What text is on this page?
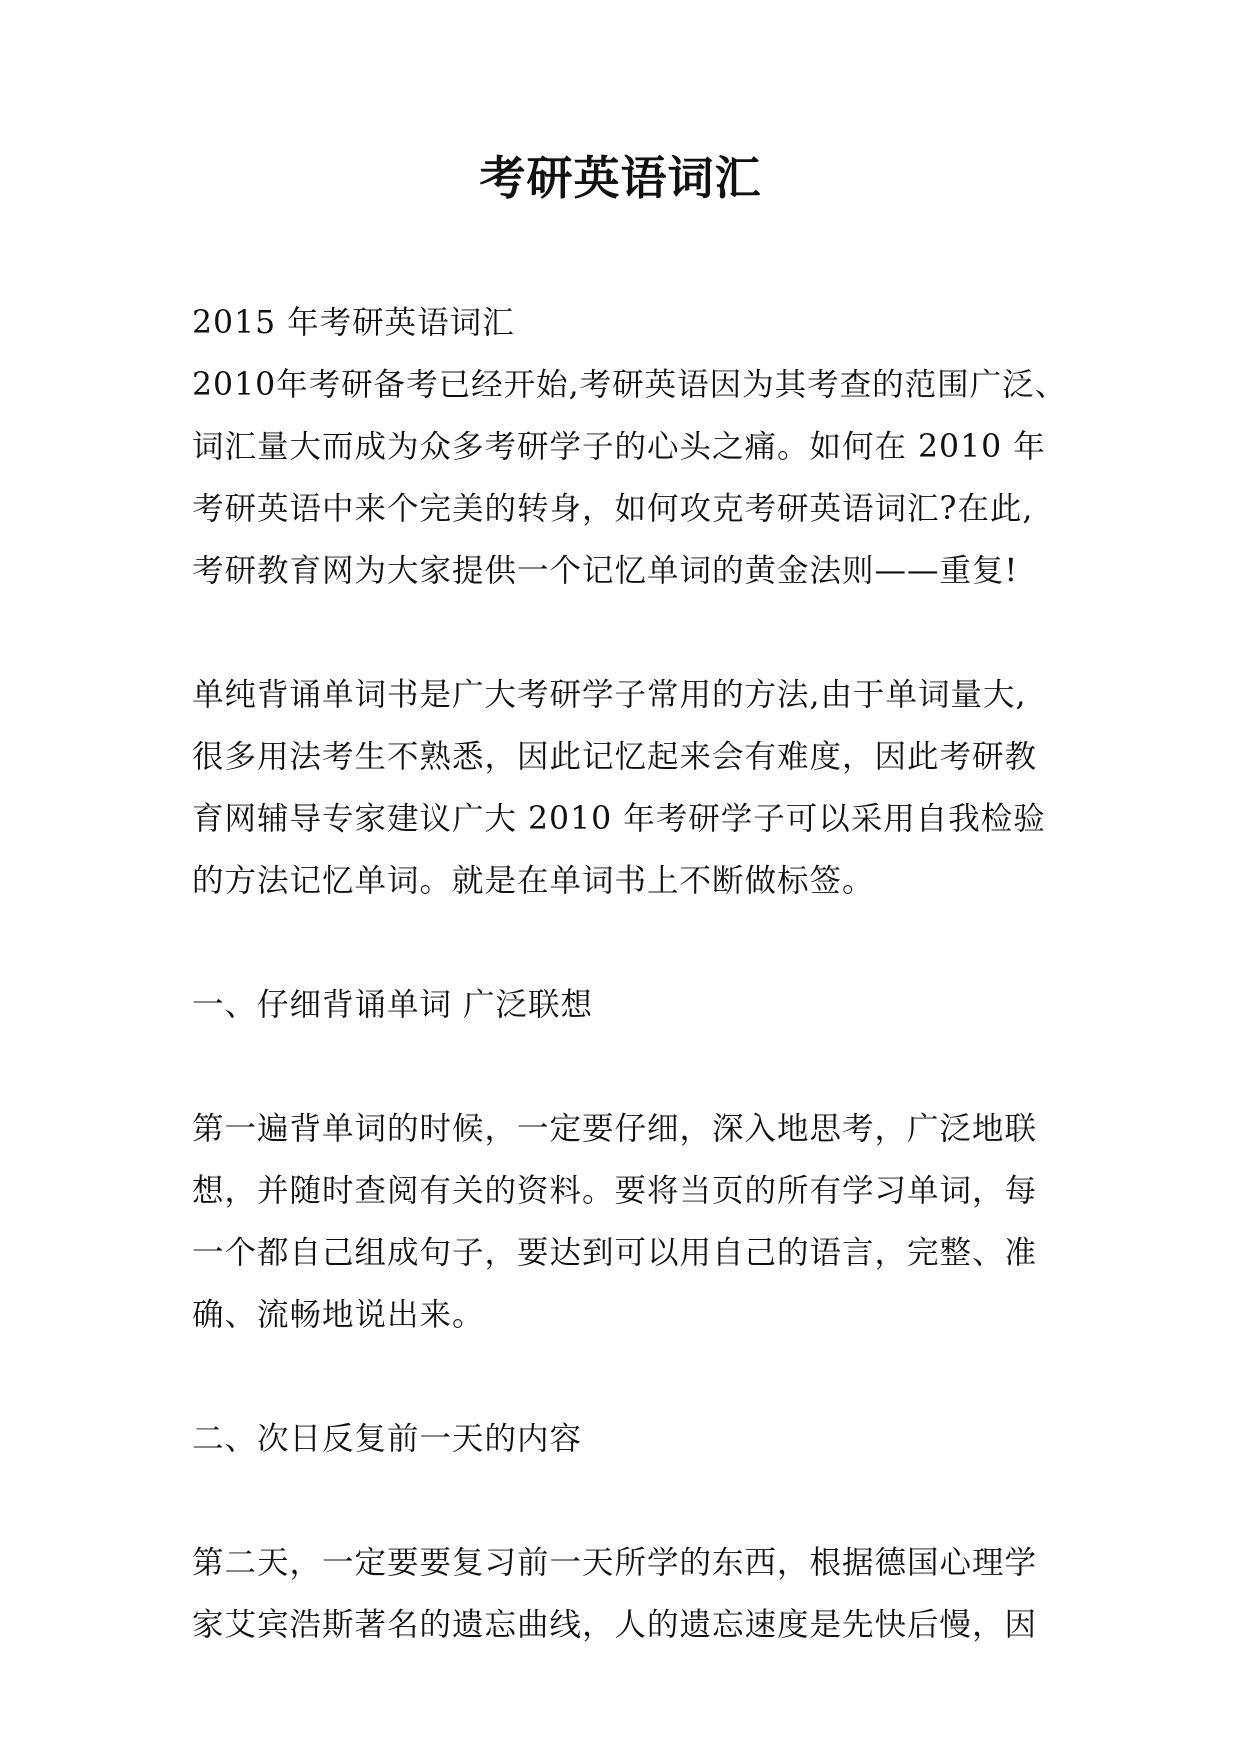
考研英语词汇
2015 年考研英语词汇
2010年考研备考已经开始,考研英语因为其考查的范围广泛、
词汇量大而成为众多考研学子的心头之痛。如何在 2010 年
考研英语中来个完美的转身，如何攻克考研英语词汇?在此,
考研教育网为大家提供一个记忆单词的黄金法则——重复!
单纯背诵单词书是广大考研学子常用的方法,由于单词量大,
很多用法考生不熟悉，因此记忆起来会有难度，因此考研教
育网辅导专家建议广大 2010 年考研学子可以采用自我检验
的方法记忆单词。就是在单词书上不断做标签。
一、仔细背诵单词 广泛联想
第一遍背单词的时候，一定要仔细，深入地思考，广泛地联
想，并随时查阅有关的资料。要将当页的所有学习单词，每
一个都自己组成句子，要达到可以用自己的语言，完整、准
确、流畅地说出来。
二、次日反复前一天的内容
第二天，一定要要复习前一天所学的东西，根据德国心理学
家艾宾浩斯著名的遗忘曲线，人的遗忘速度是先快后慢，因
